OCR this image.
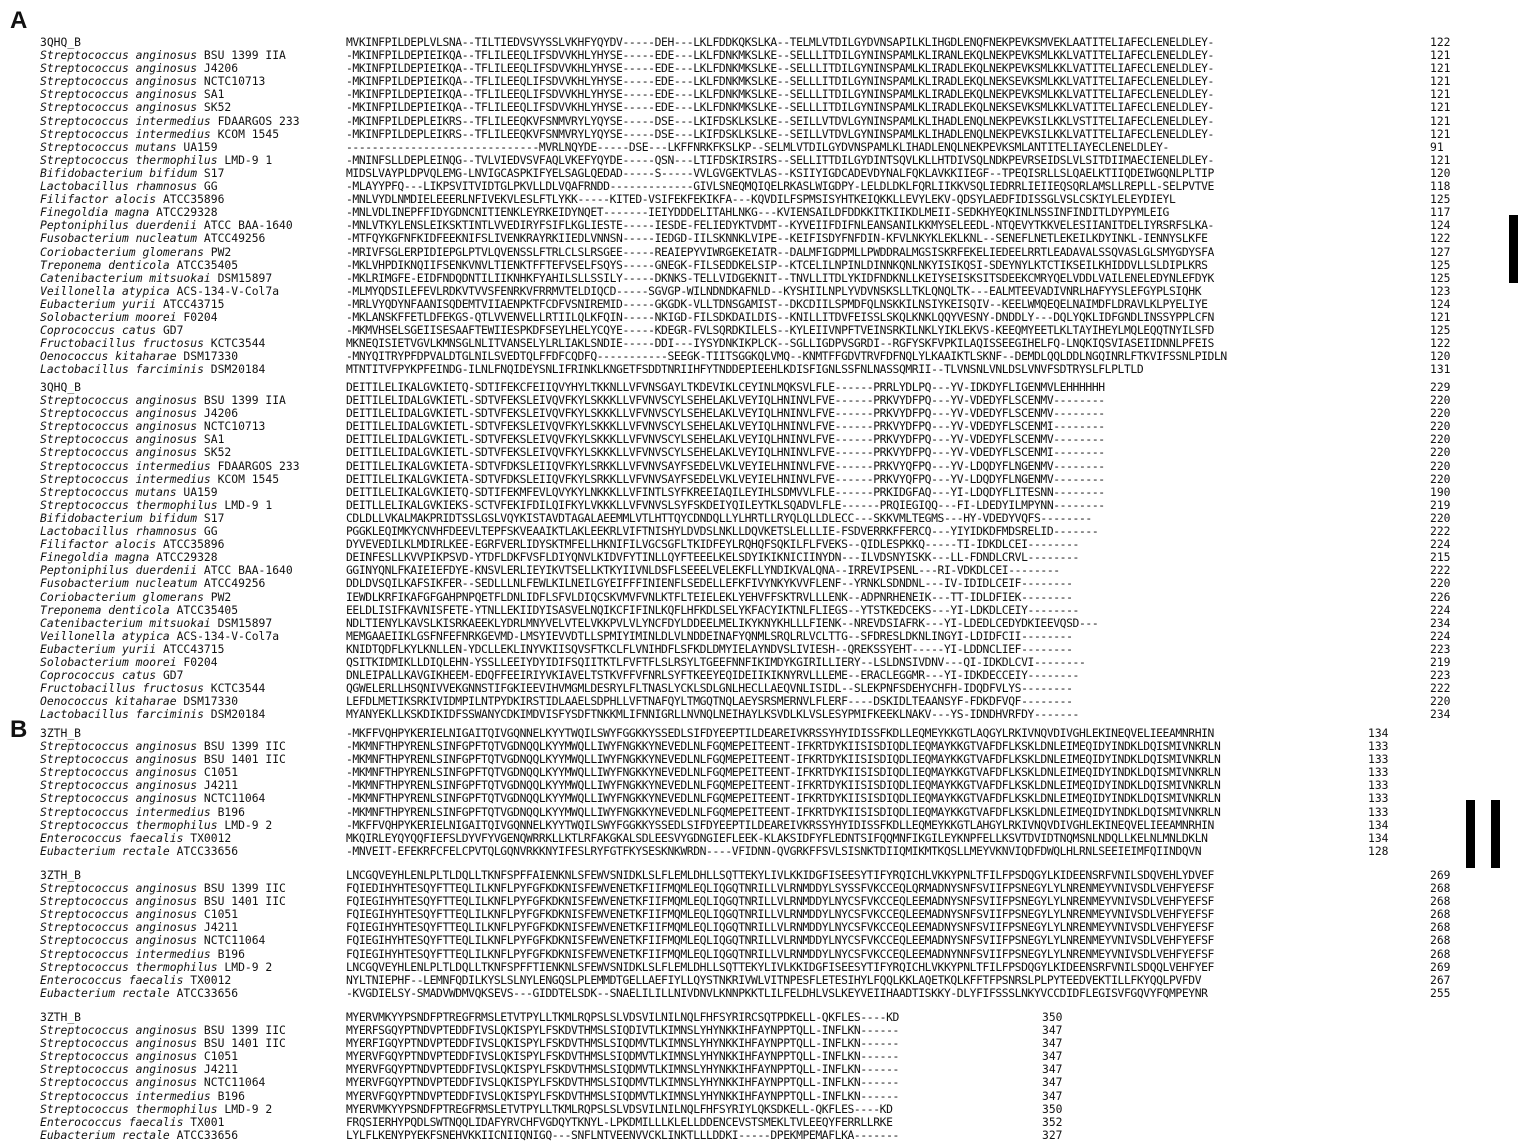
A
3QHQ_B	MVKINFPILDEPLVLSNA--TILTIEDVSVYSSLVKHFYQYDV-----DEH---LKLFDDKQKSLKA--TELMLVTDILGYDVNSAPILKLIHGDLENQFNEKPEVKSMVEKLAATITELIAFECLENELDLEY-	122
Streptococcus anginosus BSU 1399 IIA	-MKINFPILDEPIEIKQA--TFLILEEQLIFSDVVKHLYHYSE-----EDE---LKLFDNKMKSLKE--SELLLITDILGYNINSPAMLKLIRANLEKQLNEKPEVKSMLKKLVATITELIAFECLENELDLEY-	121
Streptococcus anginosus J4206	-MKINFPILDEPIEIKQA--TFLILEEQLIFSDVVKHLYHYSE-----EDE---LKLFDNKMKSLKE--SELLLITDILGYNINSPAMLKLIRADLEKQLNEKPEVKSMLKKLVATITELIAFECLENELDLEY-	121
Streptococcus anginosus NCTC10713	-MKINFPILDEPIEIKQA--TFLILEEQLIFSDVVKHLYHYSE-----EDE---LKLFDNKMKSLKE--SELLLITDILGYNINSPAMLKLIRADLEKQLNEKSEVKSMLKKLVATITELIAFECLENELDLEY-	121
Streptococcus anginosus SA1	-MKINFPILDEPIEIKQA--TFLILEEQLIFSDVVKHLYHYSE-----EDE---LKLFDNKMKSLKE--SELLLITDILGYNINSPAMLKLIRADLEKQLNEKPEVKSMLKKLVATITELIAFECLENELDLEY-	121
Streptococcus anginosus SK52	-MKINFPILDEPIEIKQA--TFLILEEQLIFSDVVKHLYHYSE-----EDE---LKLFDNKMKSLKE--SELLLITDILGYNINSPAMLKLIRADLEKQLNEKSEVKSMLKKLVATITELIAFECLENELDLEY-	121
Streptococcus intermedius FDAARGOS 233	-MKINFPILDEPLEIKRS--TFLILEEQKVFSNMVRYLYQYSE-----DSE---LKIFDSKLKSLKE--SEILLVTDVLGYNINSPAMLKLIHADLENQLNEKPEVKSILKKLVSTITELIAFECLENELDLEY-	121
Streptococcus intermedius KCOM 1545	-MKINFPILDEPLEIKRS--TFLILEEQKVFSNMVRYLYQYSE-----DSE---LKIFDSKLKSLKE--SEILLVTDVLGYNINSPAMLKLIHADLENQLNEKPEVKSILKKLVATITELIAFECLENELDLEY-	121
Streptococcus mutans UA159	------------------------------MVRLNQYDE-----DSE---LKFFNRKFKSLKP--SELMLVTDILGYDVNSPAMLKLIHADLENQLNEKPEVKSMLANTITELIAYECLENELDLEY-	91
Streptococcus thermophilus LMD-9 1	-MNINFSLLDEPLEINQG--TVLVIEDVSVFAQLVKEFYQYDE-----QSN---LTIFDSKIRSIRS--SELLITTDILGYDINTSQVLKLLHTDIVSQLNDKPEVRSEIDSLVLSITDIIMAECIENELDLEY-	121
Bifidobacterium bifidum S17	MIDSLVAYPLDPVQLEMG-LNVIGCASPKIFYELSAGLQEDAD-----S-----VVLGVGEKTVLAS--KSIIYIGDCADEVDYNALFQKLAVKKIIEGF--TPEQISRLLSLQAELKTIIQDEIWGQNLPLTIP	120
Lactobacillus rhamnosus GG	-MLAYYPFQ---LIKPSVITVIDTGLPKVLLDLVQAFRNDD-------------GIVLSNEQMQIQELRKASLWIGDPY-LELDLDKLFQRLIIKKVSQLIEDRRLIEIIEQSQRLAMSLLREPLL-SELPVTVE	118
Filifactor alocis ATCC35896	-MNLVYDLNMDIELEEERLNFIVEKVLESLFTLYKK-----KITED-VSIFEKFEKIKFA---KQVDILFSPMSISYHTKEIQKKLLEVYLEKV-QDSYLAEDFIDISSGLVSLCSKIYLELEYDIEYL	125
Finegoldia magna ATCC29328	-MNLVDLINEPFFIDYGDNCNITIENKLEYRKEIDYNQET-------IEIYDDDELITAHLNKG---KVIENSAILDFDDKKITKIIKDLMEII-SEDKHYEQKINLNSSINFINDITLDYPYMLEIG	117
Peptoniphilus duerdenii ATCC BAA-1640	-MNLVTKYLENSLEIKSKTINTLVVEDIRYFSIFLKGLIESTE-----IESDE-FELIEDYKTVDMT--KYVEIIFDIFNLEANSANILKKMYSELEEDL-NTQEVYTKKVELESIIANITDELIYRSRFSLKA-	124
Fusobacterium nucleatum ATCC49256	-MTFQYKGFNFKIDFEEKNIFSLIVENKRAYRKIIEDLVNNSN-----IEDGD-IILSKNNKLVIPE--KEIFISDYFNFDIN-KFVLNKYKLEKLKNL--SENEFLNETLEKEILKDYINKL-IENNYSLKFE	122
Coriobacterium glomerans PW2	-MRIVFSGLERPIDIEPGLPTVLQVENSSLFTRLCLSLRSGEE-----REAIEPYVIWRGEKEIATR--DALMFIGDPMLLPWDDRALMGSISKRFEKELIEDEELRRTLEADAVALSSQVASLGLSMYGDYSFA	127
Treponema denticola ATCC35405	-MKLVHPDIKNQIIFSENKVNVLTIENKTFFTEFVSELFSQYS-----GNEGK-FILSEDDKELSIP--KTCELILNPINLDINNKQNLNKYISIKQSI-SDEYNYLKTCTIKSEILKHIDDVLLSLDIPLKRS	125
Catenibacterium mitsuokai DSM15897	-MKLRIMGFE-EIDFNDQDNTILIIKNHKFYAHILSLLSSILY-----DKNKS-TELLVIDGEKNIT--TNVLLITDLYKIDFNDKNLLKEIYSEISKSITSDEEKCMRYQELVDDLVAILENELEDYNLEFDYK	125
Veillonella atypica ACS-134-V-Col7a	-MLMYQDSILEFEVLRDKVTVVSFENRKVFRRMVTELDIQCD-----SGVGP-WILNDNDKAFNLD--KYSHIILNPLYVDVNSKSLLTKLQNQLTK---EALMTEEVADIVNRLHAFYYSLEFGYPLSIQHK	123
Eubacterium yurii ATCC43715	-MRLVYQDYNFAANISQDEMTVIIAENPKTFCDFVSNIREMID-----GKGDK-VLLTDNSGAMIST--DKCDIILSPMDFQLNSKKILNSIYKEISQIV--KEELWMQEQELNAIMDFLDRAVLKLPYELIYE	124
Solobacterium moorei F0204	-MKLANSKFFETLDFEKGS-QTLVVENVELLRTIILQLKFQIN-----NKIGD-FILSDKDAILDIS--KNILLITDVFEISSLSKQLKNKLQQYVESNY-DNDDLY---DQLYQKLIDFGNDLINSSYPPLCFN	121
Coprococcus catus GD7	-MKMVHSELSGEIISESAAFTEWIIESPKDFSEYLHELYCQYE-----KDEGR-FVLSQRDKILELS--KYLEIIVNPFTVEINSRKILNKLYIKLEKVS-KEEQMYEETLKLTAYIHEYLMQLEQQTNYILSFD	125
Fructobacillus fructosus KCTC3544	MKNEQISIETVGVLKMNSGLNLITVANSELYLRLIAKLSNDIE-----DDI---IYSYDNKIKPLCK--SGLLIGDPVSGRDI--RGFYSKFVPKILAQISSEEGIHELFQ-LNQKIQSVIASEIIDNNLPFEIS	122
Oenococcus kitaharae DSM17330	-MNYQITRYPFDPVALDTGLNILSVEDTQLFFDFCQDFQ-----------SEEGK-TIITSGGKQLVMQ--KNMTFFGDVTRVFDFNQLYLKAAIKTLSKNF--DEMDLQQLDDLNGQINRLFTKVIFSSNLPIDLN	120
Lactobacillus farciminis DSM20184	MTNTITVFPYKPFEINDG-ILNLFNQIDEYSNLIFRINKLKNGETFSDDTNRIIHFYTNDDEPIEEHLKDISFIGNLSSFNLNASSQMRII--TLVNSNLVNLDSLVNVFSDTRYSLFLPLTLD	131
3QHQ_B	DEITILELIKALGVKIETQ-SDTIFEKCFEIIQVYHYLTKKNLLVFVNSGAYLTKDEVIKLCEYINLMQKSVLFLE------PRRLYDLPQ---YV-IDKDYFLIGENMVLEHHHHHH	229
Streptococcus anginosus BSU 1399 IIA	DEITILELIDALGVKIETL-SDTVFEKSLEIVQVFKYLSKKKLLVFVNVSCYLSEHELAKLVEYIQLHNINVLFVE------PRKVYDFPQ---YV-VDEDYFLSCENMV--------	220
Streptococcus anginosus J4206	DEITILELIDALGVKIETL-SDTVFEKSLEIVQVFKYLSKKKLLVFVNVSCYLSEHELAKLVEYIQLHNINVLFVE------PRKVYDFPQ---YV-VDEDYFLSCENMV--------	220
Streptococcus anginosus NCTC10713	DEITILELIDALGVKIETL-SDTVFEKSLEIVQVFKYLSKKKLLVFVNVSCYLSEHELAKLVEYIQLHNINVLFVE------PRKVYDFPQ---YV-VDEDYFLSCENMI--------	220
Streptococcus anginosus SA1	DEITILELIDALGVKIETL-SDTVFEKSLEIVQVFKYLSKKKLLVFVNVSCYLSEHELAKLVEYIQLHNINVLFVE------PRKVYDFPQ---YV-VDEDYFLSCENMV--------	220
Streptococcus anginosus SK52	DEITILELIDALGVKIETL-SDTVFEKSLEIVQVFKYLSKKKLLVFVNVSCYLSEHELAKLVEYIQLHNINVLFVE------PRKVYDFPQ---YV-VDEDYFLSCENMI--------	220
Streptococcus intermedius FDAARGOS 233	DEITILELIKALGVKIETA-SDTVFDKSLEIIQVFKYLSRKKLLVFVNVSAYFSEDELVKLVEYIELHNINVLFVE------PRKVYQFPQ---YV-LDQDYFLNGENMV--------	220
Streptococcus intermedius KCOM 1545	DEITILELIKALGVKIETA-SDTVFDKSLEIIQVFKYLSRKKLLVFVNVSAYFSEDELVKLVEYIELHNINVLFVE------PRKVYQFPQ---YV-LDQDYFLNGENMV--------	220
Streptococcus mutans UA159	DEITILELIKALGVKIETQ-SDTIFEKMFEVLQVYKYLNKKKLLVFINTLSYFKREEIAQILEYIHLSDMVVLFLE------PRKIDGFAQ---YI-LDQDYFLITESNN--------	190
Streptococcus thermophilus LMD-9 1	DEITLLELIKALGVKIEKS-SCTVFEKIFDILQIFKYLVKKKLLVFVNVSLSYFSKDEIYQILEYTKLSQADVLFLE------PRQIEGIQQ---FI-LDEDYILMPYNN--------	219
Bifidobacterium bifidum S17	CDLDLLVKALMAKPRIDTSSLGSLVQYKISTAVDTAGALAEEMMLVTLHTTQYCDNDQLLYLHRTLLRYQLQLLDLECC---SKKVMLTEGMS---HY-VDEDYVQFS--------	220
Lactobacillus rhamnosus GG	PGGKLEQIMKYCNVHFDEEVLTEPFSKVEAAIKTLAKLEEKRLVIFTNISHYLDVDSLNKLLDQVKETSLELLLIE-FSDVERRKFFERCQ---YIYIDKDFMDSRELID-------	222
Filifactor alocis ATCC35896	DYVEVEDILKLMDIRLKEE-EGRFVERLIDYSKTMFELLHKNIFILVGCSGFLTKIDFEYLRQHQFSQKILFLFVEKS--QIDLESPKKQ-----TI-IDKDLCEI--------	224
Finegoldia magna ATCC29328	DEINFESLLKVVPIKPSVD-YTDFLDKFVSFLDIYQNVLKIDVFYTINLLQYFTEEELKELSDYIKIKNICIINYDN---ILVDSNYISKK---LL-FDNDLCRVL--------	215
Peptoniphilus duerdenii ATCC BAA-1640	GGINYQNLFKAIEIEFDYE-KNSVLERLIEYIKVTSELLKTKYIIVNLDSFLSEEELVELEKFLLYNDIKVALQNA--IRREVIPSENL---RI-VDKDLCEI--------	222
Fusobacterium nucleatum ATCC49256	DDLDVSQILKAFSIKFER--SEDLLLNLFEWLKILNEILGYEIFFFINIENFLSEDELLEFKFIVYNKYKVVFLENF--YRNKLSDNDNL---IV-IDIDLCEIF--------	220
Coriobacterium glomerans PW2	IEWDLKRFIKAFGFGAHPNPQETFLDNLIDFLSFVLDIQCSKVMVFVNLKTFLTEIELEKLYEHVFFSKTRVLLLENK--ADPNRHENEIK---TT-IDLDFIEK--------	226
Treponema denticola ATCC35405	EELDLISIFKAVNISFETE-YTNLLEKIIDYISASVELNQIKCFIFINLKQFLHFKDLSELYKFACYIKTNLFLIEGS--YTSTKEDCEKS---YI-LDKDLCEIY--------	224
Catenibacterium mitsuokai DSM15897	NDLTIENYLKAVSLKISRKAEEKLYDRLMNYVELVTELVKKPVLVLYNCFDYLDDEELMELIKYKNYKHLLLFIENK--NREVDSIAFRK---YI-LDEDLCEDYDKIEEVQSD---	234
Veillonella atypica ACS-134-V-Col7a	MEMGAAEIIKLGSFNFEFNRKGEVMD-LMSYIEVVDTLLSPMIYIMINLDLVLNDDEINAFYQNMLSRQLRLVCLTTG--SFDRESLDKNLINGYI-LDIDFCII--------	224
Eubacterium yurii ATCC43715	KNIDTQDFLKYLKNLLEN-YDCLLEKLINYVKIISQVSFTKCLFLVNIHDFLSFKDLDMYIELAYNDVSLIVIESH--QREKSSYEHT-----YI-LDDNCLIEF--------	223
Solobacterium moorei F0204	QSITKIDMIKLLDIQLEHN-YSSLLEEIYDYIDIFSQIITKTLFVFTFLSLRSYLTGEEFNNFIKIMDYKGIRILLIERY--LSLDNSIVDNV---QI-IDKDLCVI--------	219
Coprococcus catus GD7	DNLEIPALLKAVGIKHEEM-EDQFFEEIRIYVKIAVELTSTKVFFVFNRLSYFTKEEYEQIDEIIKIKNYRVLLLEME--ERACLEGGMR---YI-IDKDECCEIY--------	223
Fructobacillus fructosus KCTC3544	QGWELERLLHSQNIVVEKGNNSTIFGKIEEVIHVMGMLDESRYLFLTNASLYCKLSDLGNLHECLLAEQVNLISIDL--SLEKPNFSDEHYCHFH-IDQDFVLYS--------	222
Oenococcus kitaharae DSM17330	LEFDLMETIKSRKIVIDMPILNTPYDKIRSTIDLAAELSDPHLLVFTNAFQYLTMGQTNQLAEYSRSMERNVLFLERF----DSKIDLTEAANSYF-FDKDFVQF--------	220
Lactobacillus farciminis DSM20184	MYANYEKLLKSKDIKIDFSSWANYCDKIMDVISFYSDFTNKKMLIFNNIGRLLNVNQLNEIHAYLKSVDLKLVSLESYPMIFKEEKLNAKV---YS-IDNDHVRFDY-------	234
B 3ZTH_B	-MKFFVQHPYKERIELNIGAITQIVGQNNELKYYTWQILSWYFGGKKYSSEDLSIFDYEEPTILDEAREIVKRSSYHYIDISSFKDLLEQMEYKKGTLAQGYLRKIVNQVDIVGHLEKINEQVELIEEAMNRHIN	134
Streptococcus anginosus BSU 1399 IIC	-MKMNFTHPYRENLSINFGPFTQTVGDNQQLKYYMWQLLIWYFNGKKYNEVEDLNLFGQMEPEITEENT-IFKRTDYKIISISDIQDLIEQMAYKKGTVAFDFLKSKLDNLEIMEQIDYINDKLDQISMIVNKRLN	133
Streptococcus anginosus BSU 1401 IIC	-MKMNFTHPYRENLSINFGPFTQTVGDNQQLKYYMWQLLIWYFNGKKYNEVEDLNLFGQMEPEITEENT-IFKRTDYKIISISDIQDLIEQMAYKKGTVAFDFLKSKLDNLEIMEQIDYINDKLDQISMIVNKRLN	133
Streptococcus anginosus C1051	-MKMNFTHPYRENLSINFGPFTQTVGDNQQLKYYMWQLLIWYFNGKKYNEVEDLNLFGQMEPEITEENT-IFKRTDYKIISISDIQDLIEQMAYKKGTVAFDFLKSKLDNLEIMEQIDYINDKLDQISMIVNKRLN	133
Streptococcus anginosus J4211	-MKMNFTHPYRENLSINFGPFTQTVGDNQQLKYYMWQLLIWYFNGKKYNEVEDLNLFGQMEPEITEENT-IFKRTDYKIISISDIQDLIEQMAYKKGTVAFDFLKSKLDNLEIMEQIDYINDKLDQISMIVNKRLN	133
Streptococcus anginosus NCTC11064	-MKMNFTHPYRENLSINFGPFTQTVGDNQQLKYYMWQLLIWYFNGKKYNEVEDLNLFGQMEPEITEENT-IFKRTDYKIISISDIQDLIEQMAYKKGTVAFDFLKSKLDNLEIMEQIDYINDKLDQISMIVNKRLN	133
Streptococcus intermedius B196	-MKMNFTHPYRENLSINFGPFTQTVGDNQQLKYYMWQLLIWYFNGKKYNEVEDLNLFGQMEPEITEENT-IFKRTDYKIISISDIQDLIEQMAYKKGTVAFDFLKSKLDNLEIMEQIDYINDKLDQISMIVNKRLN	133
Streptococcus thermophilus LMD-9 2	-MKFFVQHPYKERIELNIGAITQIVGQNNELKYYTWQILSWYFGGKKYSSEDLSIFDYEEPTILDEAREIVKRSSYHYIDISSFKDLLEQMEYKKGTLAHGYLRKIVNQVDIVGHLEKINEQVELIEEAMNRHIN	134
Enterococcus faecalis TX0012	MKQIRLEYQYQQFIEFSLDYVFYVGENQWRRKLLKTLRFAKGKALSDLEESVYGDNGIEFLEEK-KLAKSIDFYFLEDNTSIFQQMNFIKGILEYKNPFELLKSVTDVIDTNQMSNLNDQLLKELNLMNLDKLN	134
Eubacterium rectale ATCC33656	-MNVEIT-EFEKRFCFELCPVTQLGQNVRKKNYIFESLRYFGTFKYSESKNKWRDN----VFIDNN-QVGRKFFSVLSISNKTDIIQMIKMTKQSLLMEYVKNVIQDFDWQLHLRNLSEEIEIMFQIINDQVN	128
3ZTH_B	LNCGQVEYHLENLPLTLDQLLTKNFSPFFAIENKNLSFEWVSNIDKLSLFLEMLDHLLSQTTEKYLIVLKKIDGFISEESYTIFYRQICHLVKKYPNLTFILFPSDQGYLKIDEENSRFVNILSDQVEHLYDVEF	269
Streptococcus anginosus BSU 1399 IIC	FQIEDIHYHTESQYFTTEQLILKNFLPYFGFKDKNISFEWVENETKFIIFMQMLEQLIQGQTNRILLVLRNMDDYLSYSSFVKCCEQLQRMADNYSNFSVIIFPSNEGYLYLNRENMEYVNIVSDLVEHFYEFSF	268
Streptococcus anginosus BSU 1401 IIC	FQIEGIHYHTESQYFTTEQLILKNFLPYFGFKDKNISFEWVENETKFIIFMQMLEQLIQGQTNRILLVLRNMDDYLNYCSFVKCCEQLEEMADNYSNFSVIIFPSNEGYLYLNRENMEYVNIVSDLVEHFYEFSF	268
Streptococcus anginosus C1051	FQIEGIHYHTESQYFTTEQLILKNFLPYFGFKDKNISFEWVENETKFIIFMQMLEQLIQGQTNRILLVLRNMDDYLNYCSFVKCCEQLEEMADNYSNFSVIIFPSNEGYLYLNRENMEYVNIVSDLVEHFYEFSF	268
Streptococcus anginosus J4211	FQIEGIHYHTESQYFTTEQLILKNFLPYFGFKDKNISFEWVENETKFIIFMQMLEQLIQGQTNRILLVLRNMDDYLNYCSFVKCCEQLEEMADNYSNFSVIIFPSNEGYLYLNRENMEYVNIVSDLVEHFYEFSF	268
Streptococcus anginosus NCTC11064	FQIEGIHYHTESQYFTTEQLILKNFLPYFGFKDKNISFEWVENETKFIIFMQMLEQLIQGQTNRILLVLRNMDDYLNYCSFVKCCEQLEEMADNYSNFSVIIFPSNEGYLYLNRENMEYVNIVSDLVEHFYEFSF	268
Streptococcus intermedius B196	FQIEGIHYHTESQYFTTEQLILKNFLPYFGFKDKNISFEWVENETKFIIFMQMLEQLIQGQTNRILLVLRNMDDYLNYCSFVKCCEQLEEMADNYNNFSVIIFPSNEGYLYLNRENMEYVNIVSDLVEHFYEFSF	268
Streptococcus thermophilus LMD-9 2	LNCGQVEYHLENLPLTLDQLLTKNFSPFFTIENKNLSFEWVSNIDKLSLFLEMLDHLLSQTTEKYLIVLKKIDGFISEESYTIFYRQICHLVKKYPNLTFILFPSDQGYLKIDEENSRFVNILSDQQLVEHFYEF	269
Enterococcus faecalis TX0012	NYLTNIEPHF--LEMNFQDILKYSLSLNYLENGQSLPLEMMDTGELLAEFIYLLQYSTNKRIVWLVITNPESFLETESIHYLFQQLKKLAQETKQLKFFTFPSNRSLPLPYTEEDVEKTILLFKYQQLPVFDV	267
Eubacterium rectale ATCC33656	-KVGDIELSY-SMADVWDMVQKSEVS---GIDDTELSDK--SNAELILILLNIVDNVLKNNPKKTLILFELDHLVSLKEYVEIIHAADTISKKY-DLYFIFSSSLNKYVCCDIDFLEGISVFGQVYFQMPEYNR	255
3ZTH_B	MYERVMKYYPSNDFPTREGFRMSLETVTPYLLTKMLRQPSLSLVDSVILNILNQLFHFSYRIRCSQTPDKELL-QKFLES----KD	350
Streptococcus anginosus BSU 1399 IIC	MYERFSGQYPTNDVPTEDDFIVSLQKISPYLFSKDVTHMSLSIQDIVTLKIMNSLYHYNKKIHFAYNPPTQLL-INFLKN------	347
Streptococcus anginosus BSU 1401 IIC	MYERFIGQYPTNDVPTEDDFIVSLQKISPYLFSKDVTHMSLSIQDMVTLKIMNSLYHYNKKIHFAYNPPTQLL-INFLKN------	347
Streptococcus anginosus C1051	MYERVFGQYPTNDVPTEDDFIVSLQKISPYLFSKDVTHMSLSIQDMVTLKIMNSLYHYNKKIHFAYNPPTQLL-INFLKN------	347
Streptococcus anginosus J4211	MYERVFGQYPTNDVPTEDDFIVSLQKISPYLFSKDVTHMSLSIQDMVTLKIMNSLYHYNKKIHFAYNPPTQLL-INFLKN------	347
Streptococcus anginosus NCTC11064	MYERVFGQYPTNDVPTEDDFIVSLQKISPYLFSKDVTHMSLSIQDMVTLKIMNSLYHYNKKIHFAYNPPTQLL-INFLKN------	347
Streptococcus intermedius B196	MYERVFGQYPTNDVPTEDDFIVSLQKISPYLFSKDVTHMSLSIQDMVTLKIMNSLYHYNKKIHFAYNPPTQLL-INFLKN------	347
Streptococcus thermophilus LMD-9 2	MYERVMKYYPSNDFPTREGFRMSLETVTPYLLTKMLRQPSLSLVDSVILNILNQLFHFSYRIYLQKSDKELL-QKFLES----KD	350
Enterococcus faecalis TX001	FRQSIERHYPQDLSWTNQQLIDAFYRVCHFVGDQYTKNYL-LPKDMILLLKLELLDDENCEVSTSMEKLTVLEEQYFERRLLRKE	352
Eubacterium rectale ATCC33656	LYLFLKENYPYEKFSNEHVKKIICNIIQNIGQ---SNFLNTVEENVVCKLINKTLLLDDKI-----DPEKMPEMAFLKA-------	327
